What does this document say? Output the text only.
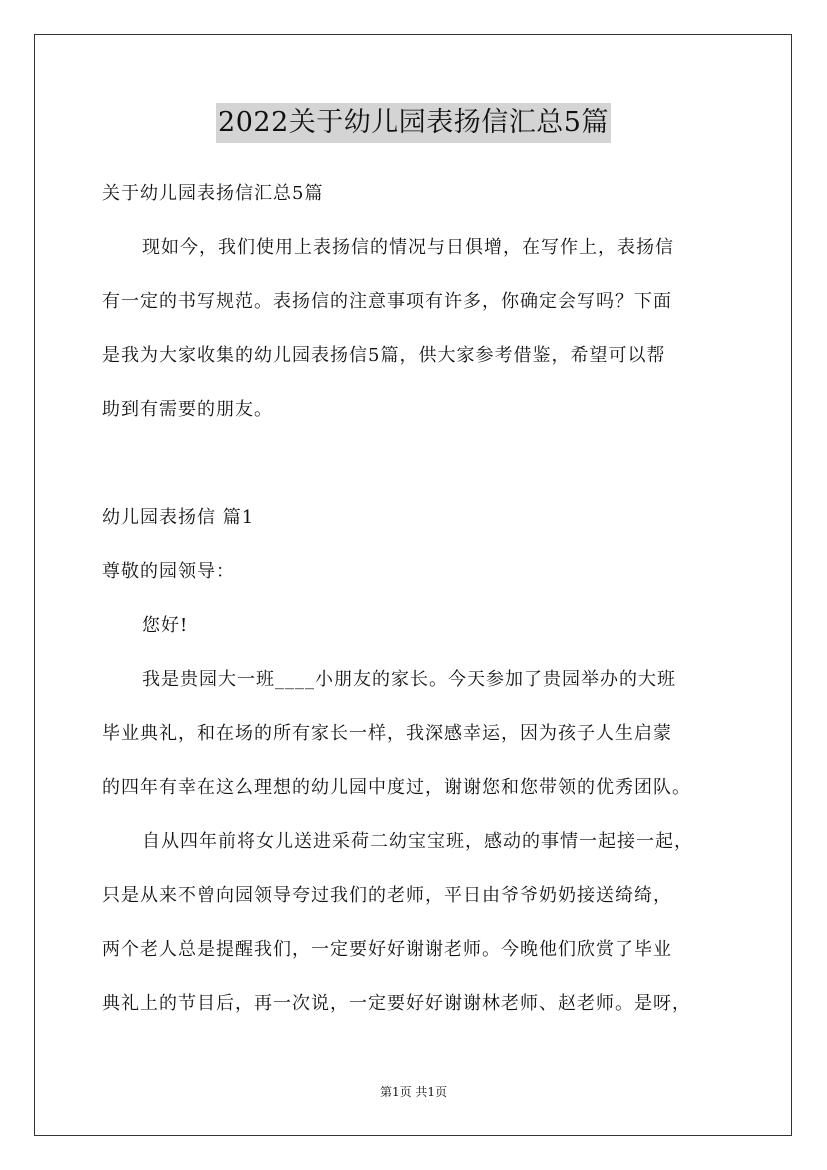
2022关于幼儿园表扬信汇总5篇
关于幼儿园表扬信汇总5篇
现如今，我们使用上表扬信的情况与日俱增，在写作上，表扬信
有一定的书写规范。表扬信的注意事项有许多，你确定会写吗？下面
是我为大家收集的幼儿园表扬信5篇，供大家参考借鉴，希望可以帮
助到有需要的朋友。
幼儿园表扬信 篇1
尊敬的园领导：
您好!
我是贵园大一班____小朋友的家长。今天参加了贵园举办的大班
毕业典礼，和在场的所有家长一样，我深感幸运，因为孩子人生启蒙
的四年有幸在这么理想的幼儿园中度过，谢谢您和您带领的优秀团队。
自从四年前将女儿送进采荷二幼宝宝班，感动的事情一起接一起，
只是从来不曾向园领导夸过我们的老师，平日由爷爷奶奶接送绮绮，
两个老人总是提醒我们，一定要好好谢谢老师。今晚他们欣赏了毕业
典礼上的节目后，再一次说，一定要好好谢谢林老师、赵老师。是呀，
第1页 共1页
